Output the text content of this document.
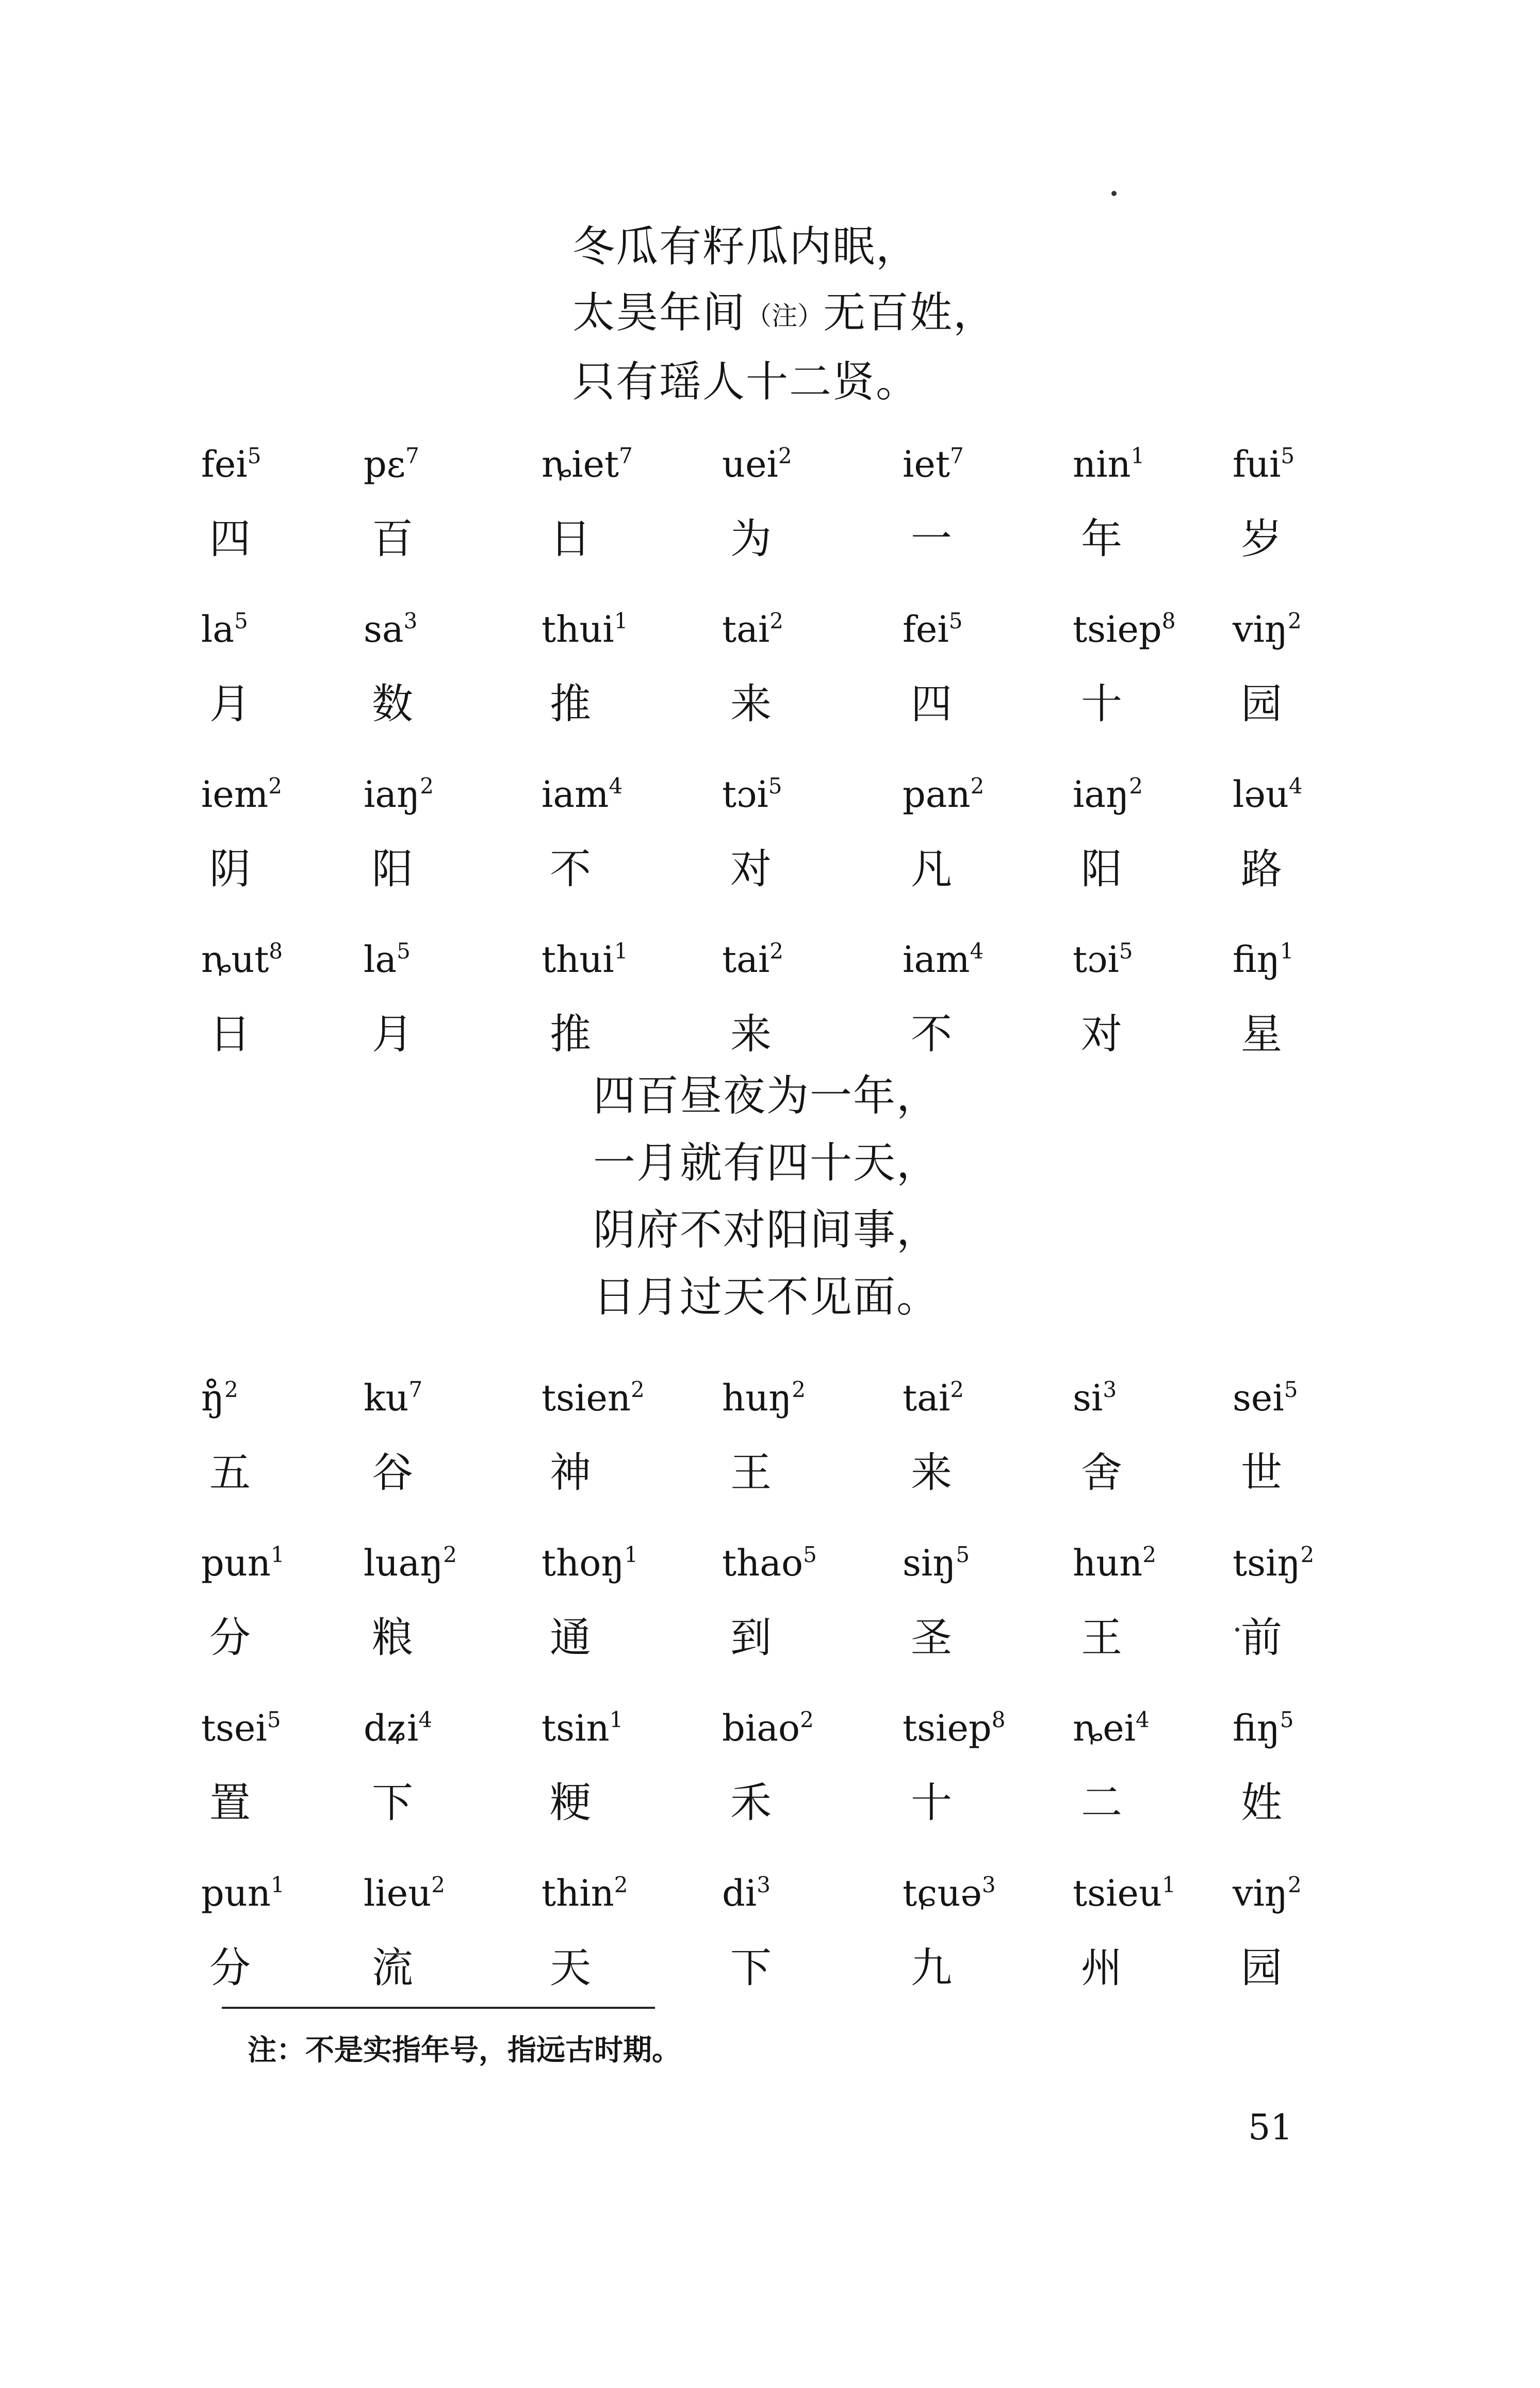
冬瓜有籽瓜内眠，
太昊年间（注）无百姓，
只有瑶人十二贤。
fei$^5$
四
pɛ$^7$
百
ȵiet$^7$
日
uei$^2$
为
iet$^7$
一
nin$^1$
年
fui$^5$
岁
$la^5$
月
$sa^3$
数
thui$^1$
推
tai$^2$
来
fei$^5$
四
tsiep$^8$
十
viŋ$^2$
园
iem$^2$
阴
iaŋ$^2$
阳
iam$^4$
不
tɔi$^5$
对
pan$^2$
凡
iaŋ$^2$
阳
ləu$^4$
路
ȵut$^8$
日
$la^5$
月
thui$^1$
推
tai$^2$
来
iam$^4$
不
tɔi$^5$
对
fiŋ$^1$
星
四百昼夜为一年，
一月就有四十天，
阴府不对阳间事，
日月过天不见面。
ŋ̊$^2$
五
$ku^7$
谷
tsien$^2$
神
huŋ$^2$
王
tai$^2$
来
$si^3$
舍
sei$^5$
世
pun$^1$
分
luaŋ$^2$
粮
thoŋ$^1$
通
thao$^5$
到
siŋ$^5$
圣
hun$^2$
王
tsiŋ$^2$
前
tsei$^5$
置
dʑi$^4$
下
tsin$^1$
粳
biao$^2$
禾
tsiep$^8$
十
ȵei$^4$
二
fiŋ$^5$
姓
pun$^1$
分
lieu$^2$
流
thin$^2$
天
$di^3$
下
tɕuə$^3$
九
tsieu$^1$
州
viŋ$^2$
园
注：不是实指年号，指远古时期。
51
